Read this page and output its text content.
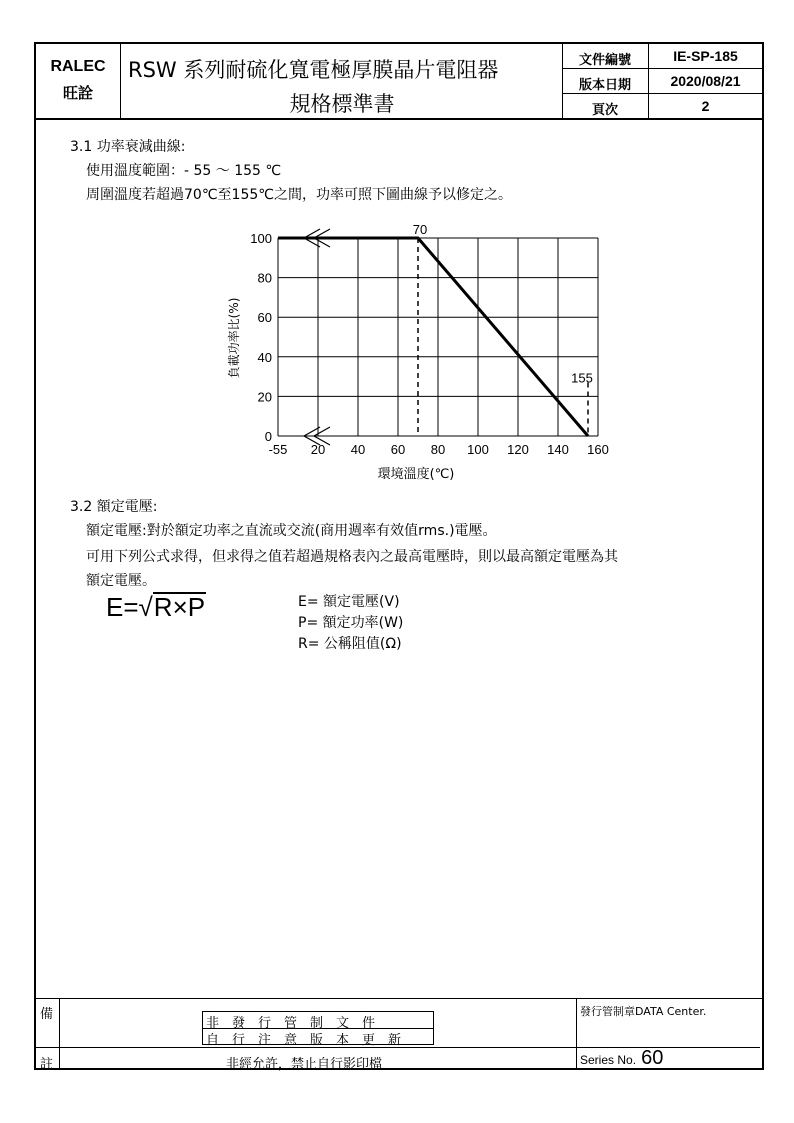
RALEC
旺詮
RSW 系列耐硫化寬電極厚膜晶片電阻器
規格標準書
文件編號	IE-SP-185
版本日期	2020/08/21
頁次	2
3.1 功率衰減曲線:
使用溫度範圍：- 55 ～ 155 ℃
周圍溫度若超過70℃至155℃之間，功率可照下圖曲線予以修定之。
-55 20 40 60 80 100 120 140 160
0
20
40
60
80
100
70
155
環境溫度(℃)
負載功率比(%)
3.2 額定電壓:
額定電壓:對於額定功率之直流或交流(商用週率有效值rms.)電壓。
可用下列公式求得，但求得之值若超過規格表內之最高電壓時，則以最高額定電壓為其
額定電壓。
E=√R×P	E= 額定電壓(V)
P= 額定功率(W)
R= 公稱阻值(Ω)
備
註
非發行管制文件
自行注意版本更新
非經允許，禁止自行影印檔
發行管制章DATA Center.
Series No. 60
